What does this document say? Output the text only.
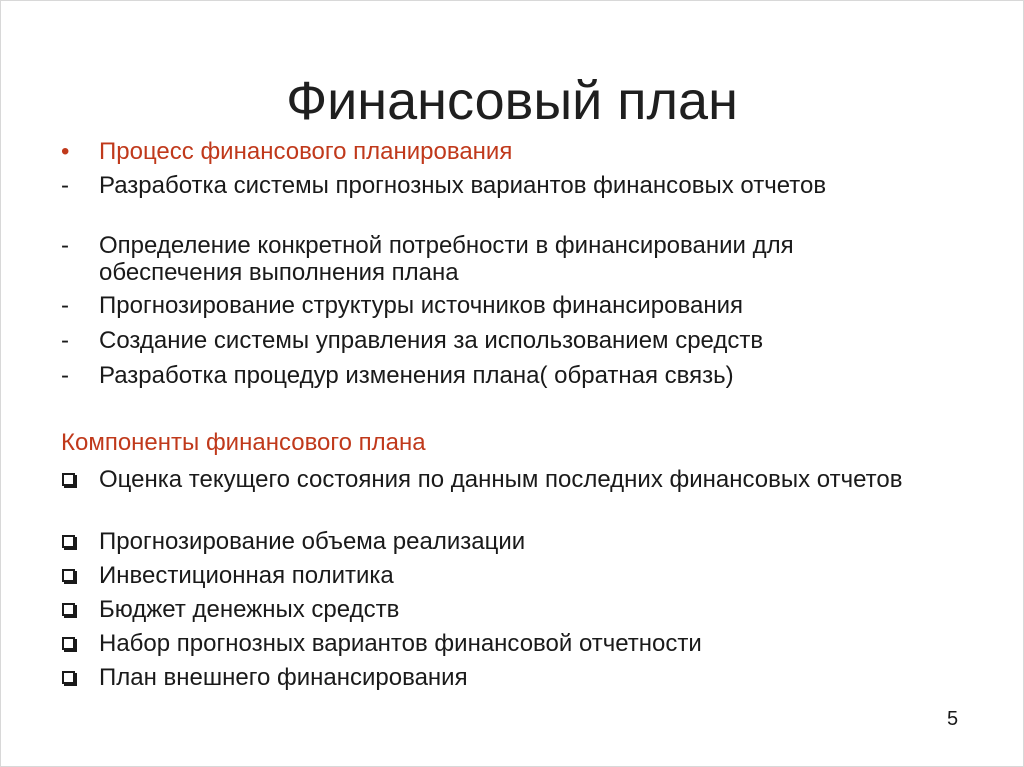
Финансовый план
• Процесс финансового планирования
- Разработка системы прогнозных вариантов финансовых отчетов
- Определение конкретной потребности в финансировании для обеспечения выполнения плана
- Прогнозирование структуры источников финансирования
- Создание системы управления за использованием средств
- Разработка процедур изменения плана( обратная связь)
Компоненты финансового плана
Оценка текущего состояния по данным последних финансовых отчетов
Прогнозирование объема реализации
Инвестиционная политика
Бюджет денежных средств
Набор прогнозных вариантов финансовой отчетности
План внешнего финансирования
5
